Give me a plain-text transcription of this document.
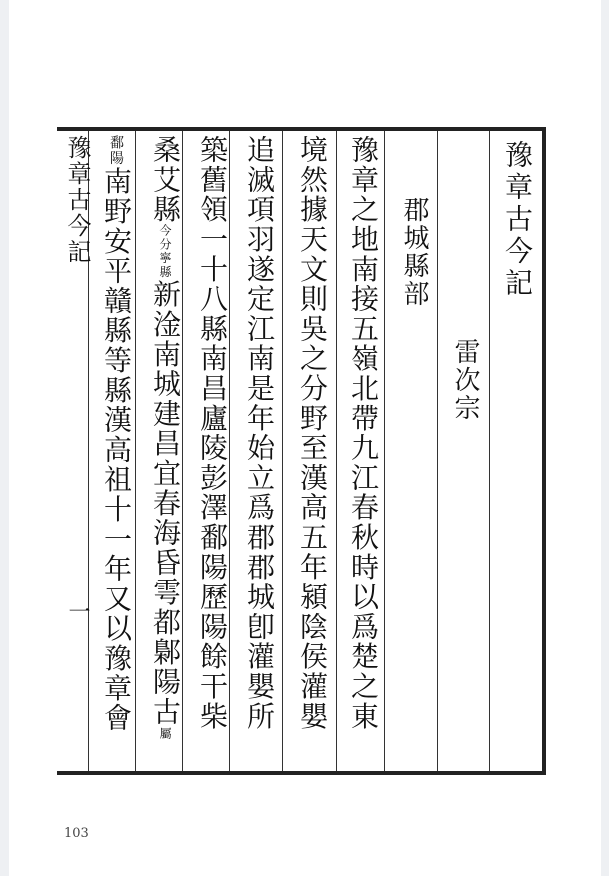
豫章古今記
雷次宗
郡城縣部
豫章之地南接五嶺北帶九江春秋時以爲楚之東
境然據天文則吳之分野至漢高五年潁陰侯灌嬰
追滅項羽遂定江南是年始立爲郡郡城卽灌嬰所
築舊領一十八縣南昌廬陵彭澤鄱陽歷陽餘干柴
桑艾縣今分寧縣新淦南城建昌宜春海昏雩都鄡陽古屬
鄱陽南野安平贛縣等縣漢高祖十一年又以豫章會
豫章古今記
一
103
